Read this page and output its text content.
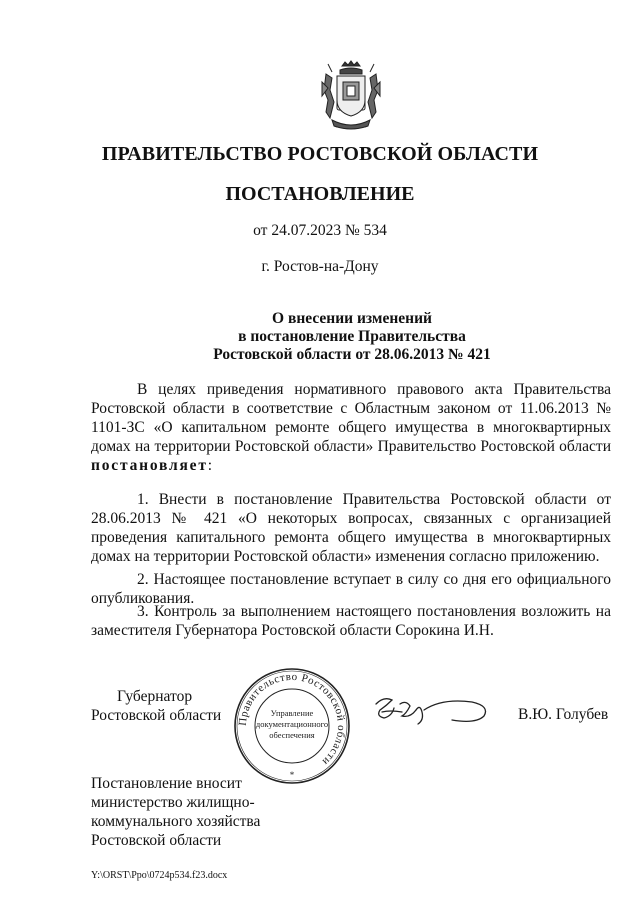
ПРАВИТЕЛЬСТВО РОСТОВСКОЙ ОБЛАСТИ
ПОСТАНОВЛЕНИЕ
от 24.07.2023 № 534
г. Ростов-на-Дону
О внесении изменений
в постановление Правительства
Ростовской области от 28.06.2013 № 421
В целях приведения нормативного правового акта Правительства Ростовской области в соответствие с Областным законом от 11.06.2013 № 1101-ЗС «О капитальном ремонте общего имущества в многоквартирных домах на территории Ростовской области» Правительство Ростовской области постановляет:
1. Внести в постановление Правительства Ростовской области от 28.06.2013 № 421 «О некоторых вопросах, связанных с организацией проведения капитального ремонта общего имущества в многоквартирных домах на территории Ростовской области» изменения согласно приложению.
2. Настоящее постановление вступает в силу со дня его официального опубликования.
3. Контроль за выполнением настоящего постановления возложить на заместителя Губернатора Ростовской области Сорокина И.Н.
Губернатор
Ростовской области Правительство Ростовской области
Управление
документационного
обеспечения
*
В.Ю. Голубев
Постановление вносит
министерство жилищно-
коммунального хозяйства
Ростовской области
Y:\ORST\Ppo\0724p534.f23.docx
